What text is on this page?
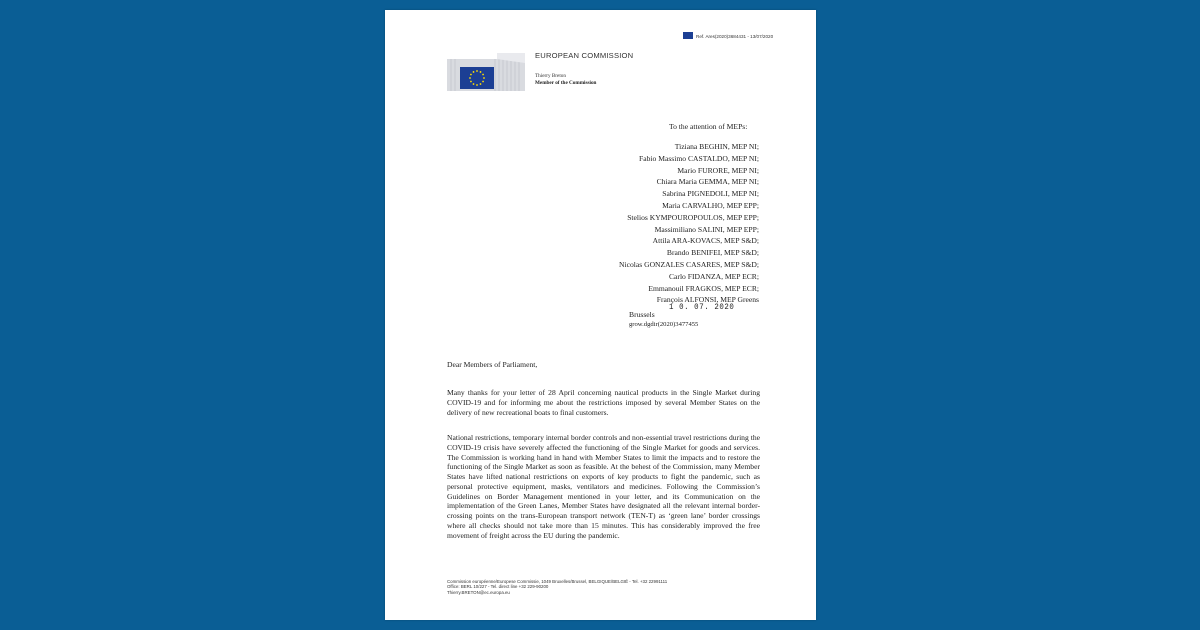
Ref. Ares(2020)3684431 - 13/07/2020
EUROPEAN COMMISSION
Thierry Breton
Member of the Commission
To the attention of MEPs:
Tiziana BEGHIN, MEP NI;
Fabio Massimo CASTALDO, MEP NI;
Mario FURORE, MEP NI;
Chiara Maria GEMMA, MEP NI;
Sabrina PIGNEDOLI, MEP NI;
Maria CARVALHO, MEP EPP;
Stelios KYMPOUROPOULOS, MEP EPP;
Massimiliano SALINI, MEP EPP;
Attila ARA-KOVACS, MEP S&D;
Brando BENIFEI, MEP S&D;
Nicolas GONZALES CASARES, MEP S&D;
Carlo FIDANZA, MEP ECR;
Emmanouil FRAGKOS, MEP ECR;
François ALFONSI, MEP Greens
Brussels
1 0. 07. 2020
grow.dgdir(2020)3477455
Dear Members of Parliament,

Many thanks for your letter of 28 April concerning nautical products in the Single Market during COVID-19 and for informing me about the restrictions imposed by several Member States on the delivery of new recreational boats to final customers.

National restrictions, temporary internal border controls and non-essential travel restrictions during the COVID-19 crisis have severely affected the functioning of the Single Market for goods and services. The Commission is working hand in hand with Member States to limit the impacts and to restore the functioning of the Single Market as soon as feasible. At the behest of the Commission, many Member States have lifted national restrictions on exports of key products to fight the pandemic, such as personal protective equipment, masks, ventilators and medicines. Following the Commission’s Guidelines on Border Management mentioned in your letter, and its Communication on the implementation of the Green Lanes, Member States have designated all the relevant internal border-crossing points on the trans-European transport network (TEN-T) as ‘green lane’ border crossings where all checks should not take more than 15 minutes. This has considerably improved the free movement of freight across the EU during the pandemic.

Commission européenne/Europese Commissie, 1049 Bruxelles/Brussel, BELGIQUE/BELGIË - Tel. +32 22991111
Office: BERL 10/227 - Tel. direct line +32 229-90200
Thierry.BRETON@ec.europa.eu
